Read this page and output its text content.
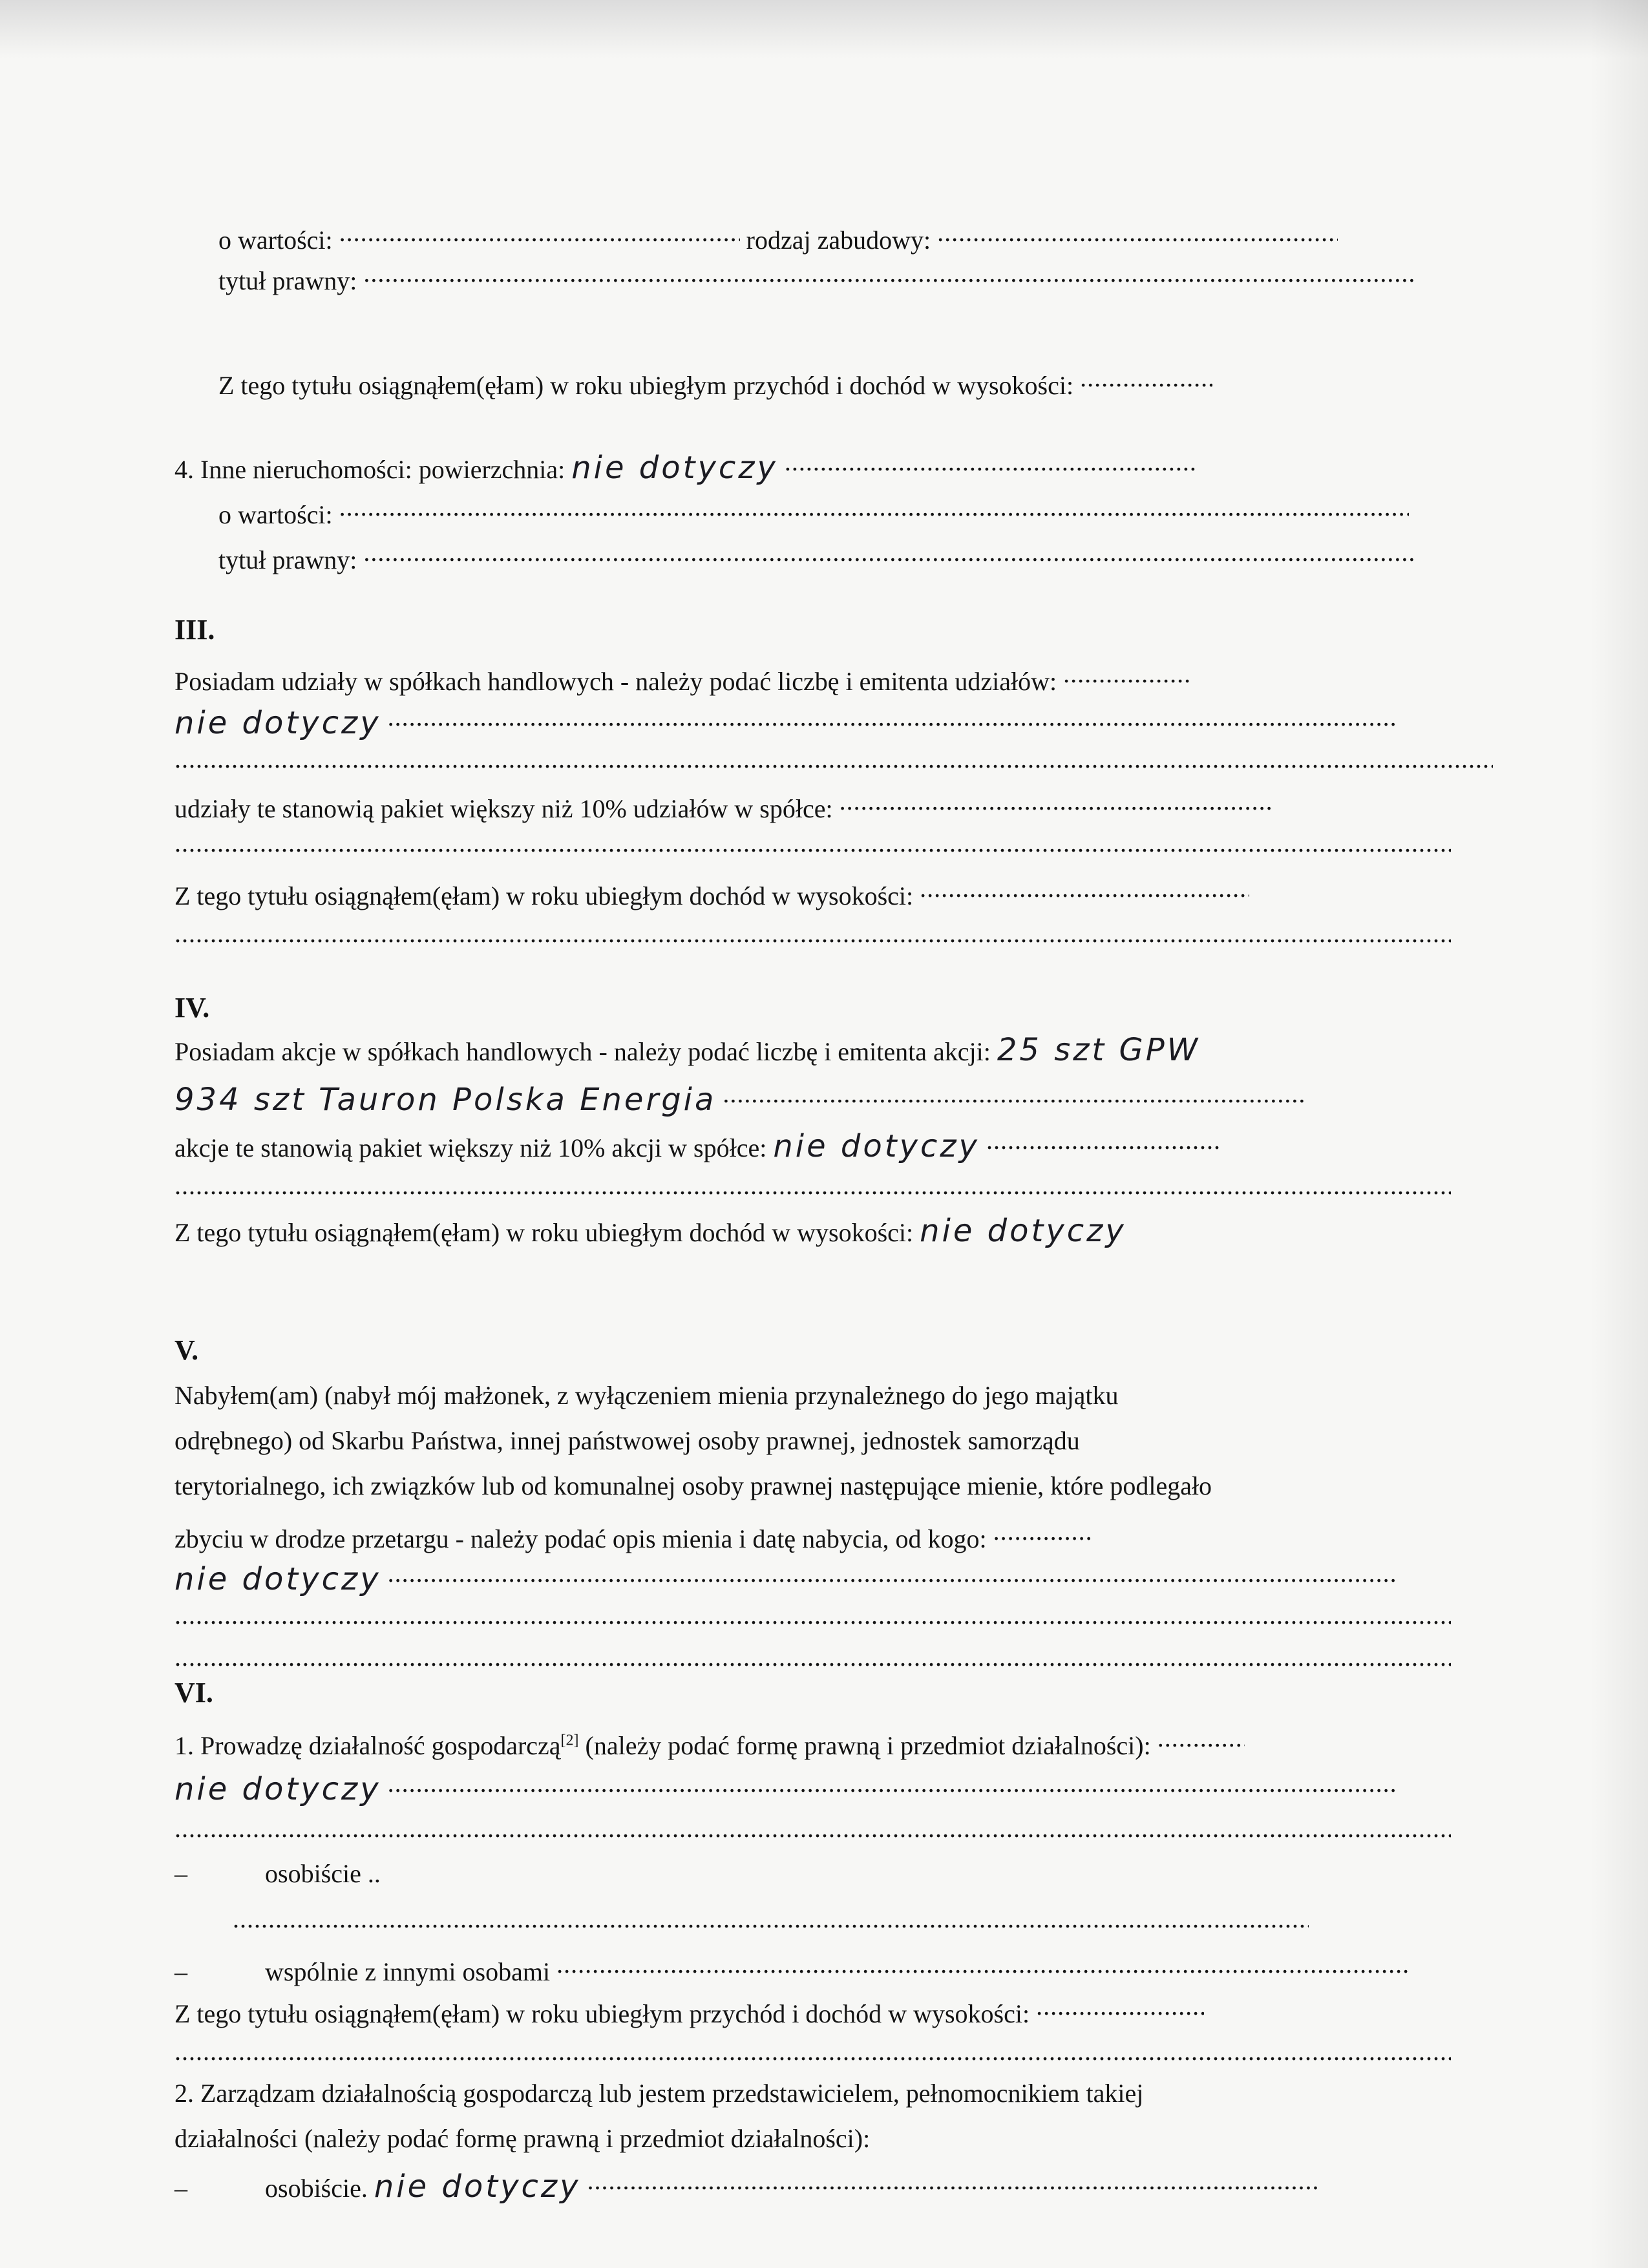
o wartości: .....	rodzaj zabudowy: .....
tytuł prawny: .....
Z tego tytułu osiągnąłem(ęłam) w roku ubiegłym przychód i dochód w wysokości: .....
4. Inne nieruchomości: powierzchnia: nie dotyczy .....
o wartości: .....
tytuł prawny: .....
III.
Posiadam udziały w spółkach handlowych - należy podać liczbę i emitenta udziałów: .....
nie dotyczy .....
.....
udziały te stanowią pakiet większy niż 10% udziałów w spółce: .....
.....
Z tego tytułu osiągnąłem(ęłam) w roku ubiegłym dochód w wysokości: .....
.....
IV.
Posiadam akcje w spółkach handlowych - należy podać liczbę i emitenta akcji: 25 szt GPW
934 szt Tauron Polska Energia .....
akcje te stanowią pakiet większy niż 10% akcji w spółce: nie dotyczy .....
.....
Z tego tytułu osiągnąłem(ęłam) w roku ubiegłym dochód w wysokości: nie dotyczy
V.
Nabyłem(am) (nabył mój małżonek, z wyłączeniem mienia przynależnego do jego majątku
odrębnego) od Skarbu Państwa, innej państwowej osoby prawnej, jednostek samorządu
terytorialnego, ich związków lub od komunalnej osoby prawnej następujące mienie, które podlegało
zbyciu w drodze przetargu - należy podać opis mienia i datę nabycia, od kogo: .....
nie dotyczy .....
.....
.....
VI.
1. Prowadzę działalność gospodarczą[2] (należy podać formę prawną i przedmiot działalności): .....
nie dotyczy .....
.....
–	osobiście ..
.....
–	wspólnie z innymi osobami .....
Z tego tytułu osiągnąłem(ęłam) w roku ubiegłym przychód i dochód w wysokości: .....
.....
2. Zarządzam działalnością gospodarczą lub jestem przedstawicielem, pełnomocnikiem takiej
działalności (należy podać formę prawną i przedmiot działalności):
–	osobiście. nie dotyczy .....
